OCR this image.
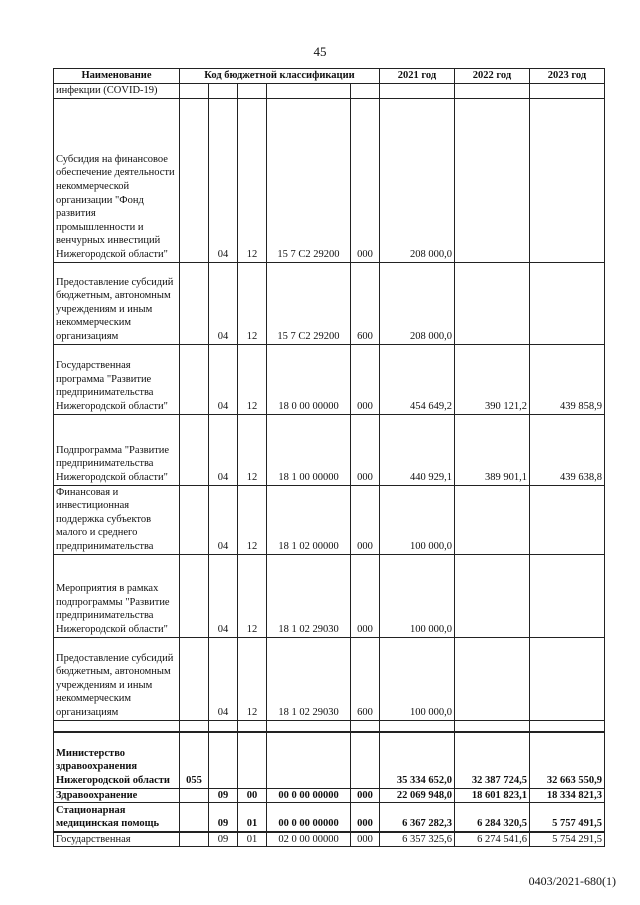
45
Наименование	Код бюджетной классификации					2021 год	2022 год	2023 год
инфекции (COVID-19)								
Субсидия на финансовое обеспечение деятельности некоммерческой организации "Фонд развития промышленности и венчурных инвестиций Нижегородской области"		04	12	15 7 С2 29200	000	208 000,0		
Предоставление субсидий бюджетным, автономным учреждениям и иным некоммерческим организациям		04	12	15 7 С2 29200	600	208 000,0		
Государственная программа "Развитие предпринимательства Нижегородской области"		04	12	18 0 00 00000	000	454 649,2	390 121,2	439 858,9
Подпрограмма "Развитие предпринимательства Нижегородской области"		04	12	18 1 00 00000	000	440 929,1	389 901,1	439 638,8
Финансовая и инвестиционная поддержка субъектов малого и среднего предпринимательства		04	12	18 1 02 00000	000	100 000,0		
Мероприятия в рамках подпрограммы "Развитие предпринимательства Нижегородской области"		04	12	18 1 02 29030	000	100 000,0		
Предоставление субсидий бюджетным, автономным учреждениям и иным некоммерческим организациям		04	12	18 1 02 29030	600	100 000,0		

Министерство здравоохранения Нижегородской области	055					35 334 652,0	32 387 724,5	32 663 550,9
Здравоохранение		09	00	00 0 00 00000	000	22 069 948,0	18 601 823,1	18 334 821,3
Стационарная медицинская помощь		09	01	00 0 00 00000	000	6 367 282,3	6 284 320,5	5 757 491,5
Государственная		09	01	02 0 00 00000	000	6 357 325,6	6 274 541,6	5 754 291,5
0403/2021-680(1)
